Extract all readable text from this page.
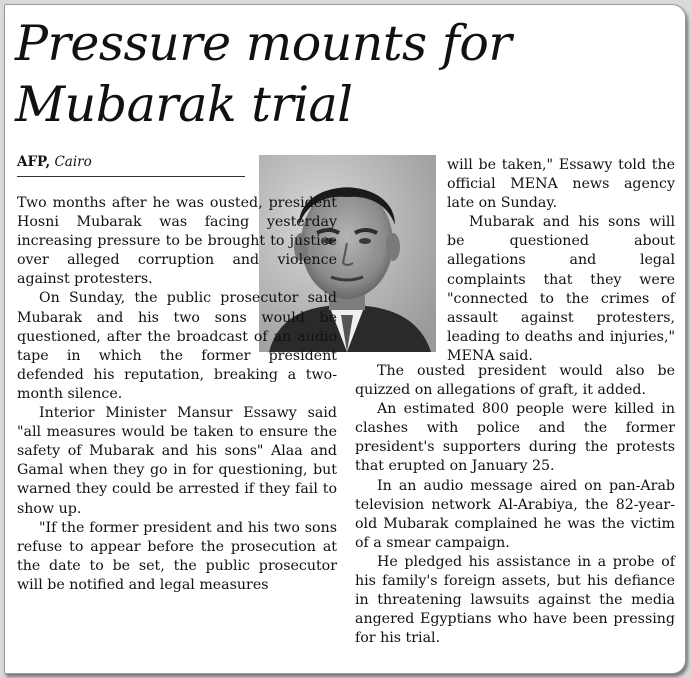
Pressure mounts for
Mubarak trial
AFP, Cairo

Two months after he was ousted, president Hosni Mubarak was facing yesterday increasing pressure to be brought to justice over alleged corruption and violence against protesters.

On Sunday, the public prosecutor said Mubarak and his two sons would be questioned, after the broadcast of an audio tape in which the former president defended his reputation, breaking a two-month silence.

Interior Minister Mansur Essawy said "all measures would be taken to ensure the safety of Mubarak and his sons" Alaa and Gamal when they go in for questioning, but warned they could be arrested if they fail to show up.

"If the former president and his two sons refuse to appear before the prosecution at the date to be set, the public prosecutor will be notified and legal measures

will be taken," Essawy told the official MENA news agency late on Sunday.

Mubarak and his sons will be questioned about allegations and legal complaints that they were "connected to the crimes of assault against protesters, leading to deaths and injuries," MENA said.

The ousted president would also be quizzed on allegations of graft, it added.

An estimated 800 people were killed in clashes with police and the former president's supporters during the protests that erupted on January 25.

In an audio message aired on pan-Arab television network Al-Arabiya, the 82-year-old Mubarak complained he was the victim of a smear campaign.

He pledged his assistance in a probe of his family's foreign assets, but his defiance in threatening lawsuits against the media angered Egyptians who have been pressing for his trial.
